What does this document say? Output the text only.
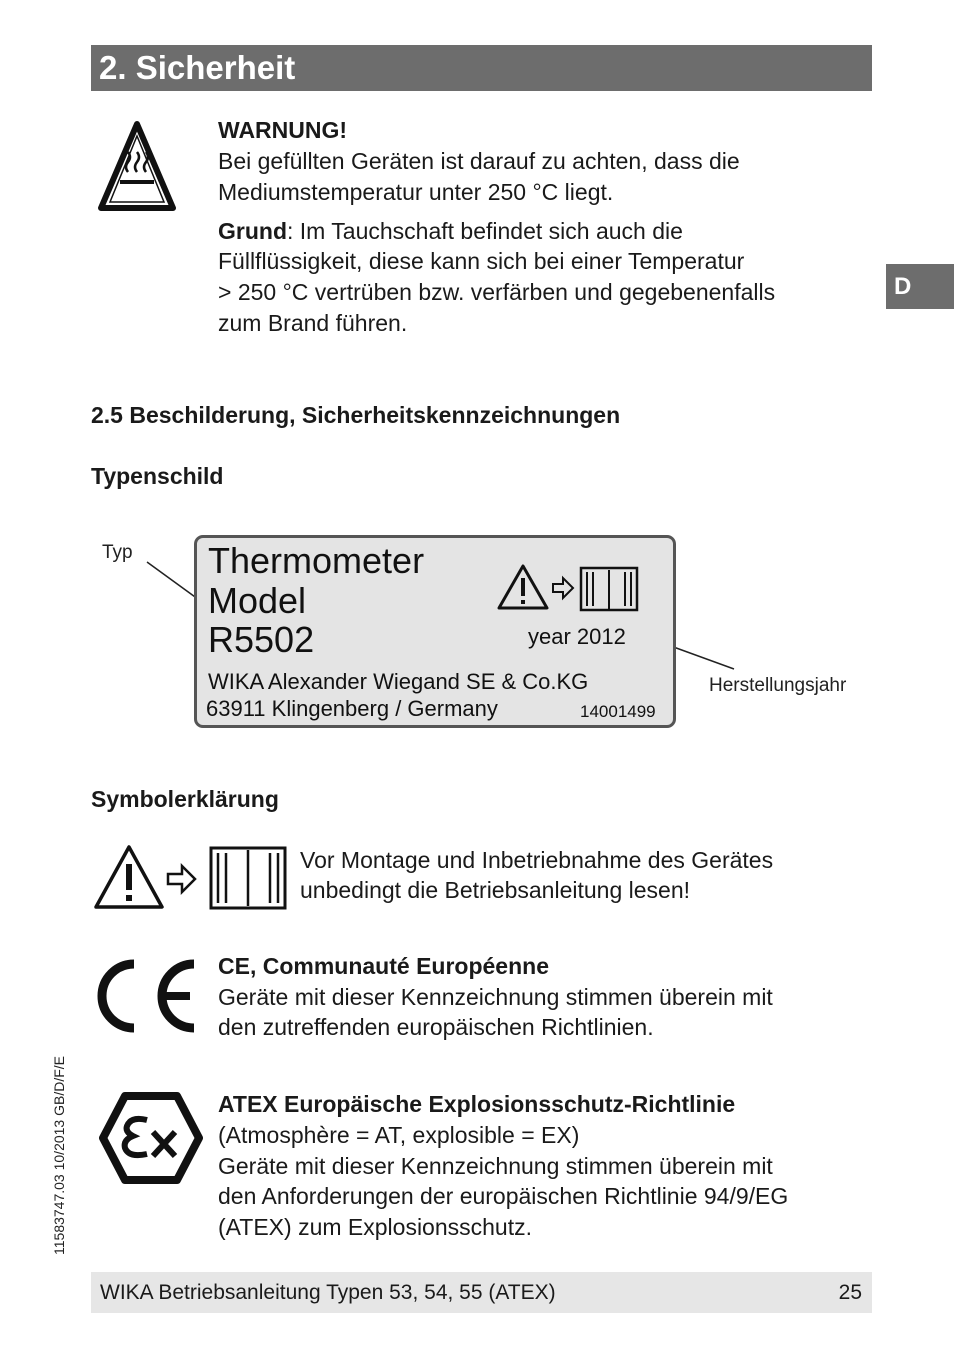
2. Sicherheit
D
WARNUNG!
Bei gefüllten Geräten ist darauf zu achten, dass die
Mediumstemperatur unter 250 °C liegt.
Grund: Im Tauchschaft befindet sich auch die
Füllflüssigkeit, diese kann sich bei einer Temperatur
> 250 °C vertrüben bzw. verfärben und gegebenenfalls
zum Brand führen.
2.5 Beschilderung, Sicherheitskennzeichnungen
Typenschild
Typ
Herstellungsjahr
Thermometer
Model
R5502	year 2012
WIKA Alexander Wiegand SE & Co.KG
63911 Klingenberg / Germany	14001499
Symbolerklärung
Vor Montage und Inbetriebnahme des Gerätes
unbedingt die Betriebsanleitung lesen!
CE, Communauté Européenne
Geräte mit dieser Kennzeichnung stimmen überein mit
den zutreffenden europäischen Richtlinien.
ATEX Europäische Explosionsschutz-Richtlinie
(Atmosphère = AT, explosible = EX)
Geräte mit dieser Kennzeichnung stimmen überein mit
den Anforderungen der europäischen Richtlinie 94/9/EG
(ATEX) zum Explosionsschutz.
11583747.03 10/2013 GB/D/F/E
WIKA Betriebsanleitung Typen 53, 54, 55 (ATEX)	25
